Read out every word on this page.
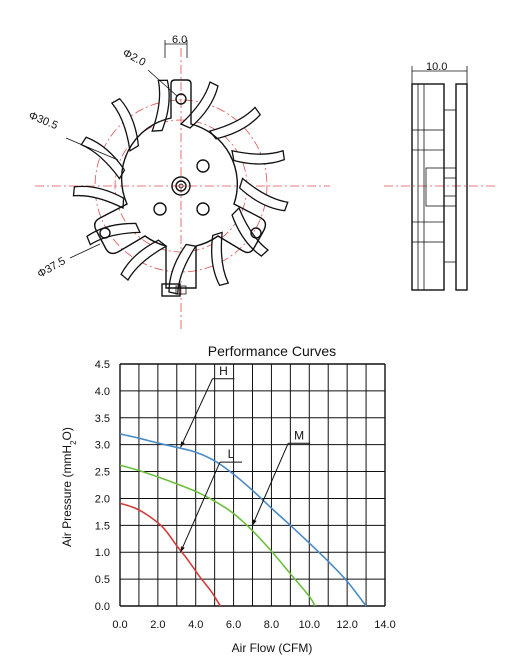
6.0
Φ2.0
Φ30.5
Φ37.5
10.0
Performance Curves
0.0 2.0 4.0 6.0 8.0 10.0 12.0 14.0
0.0
0.5
1.0
1.5
2.0
2.5
3.0
3.5
4.0
4.5	H
M
L
Air Flow (CFM)
Air Pressure (mmH$_2$O)
